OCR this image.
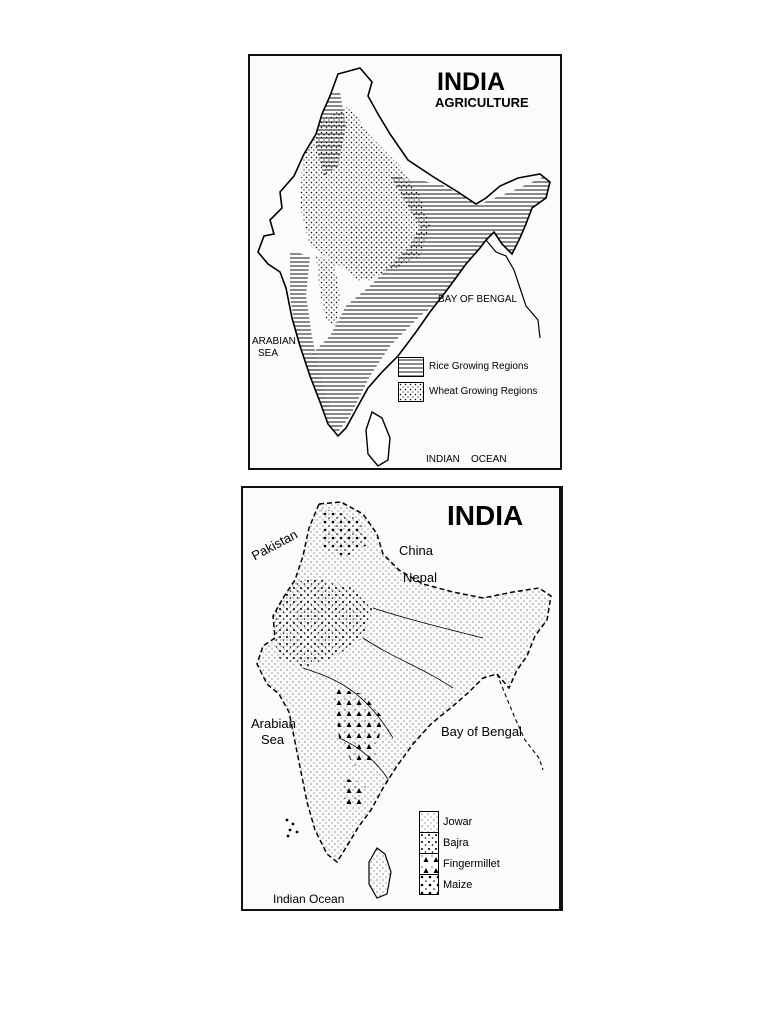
INDIA
AGRICULTURE
BAY OF BENGAL
ARABIAN
SEA
INDIAN    OCEAN
Rice Growing Regions
Wheat Growing Regions
INDIA
Pakistan	China
Nepal
Arabian
Sea
Bay of Bengal
Indian Ocean
Jowar
Bajra
Fingermillet
Maize
